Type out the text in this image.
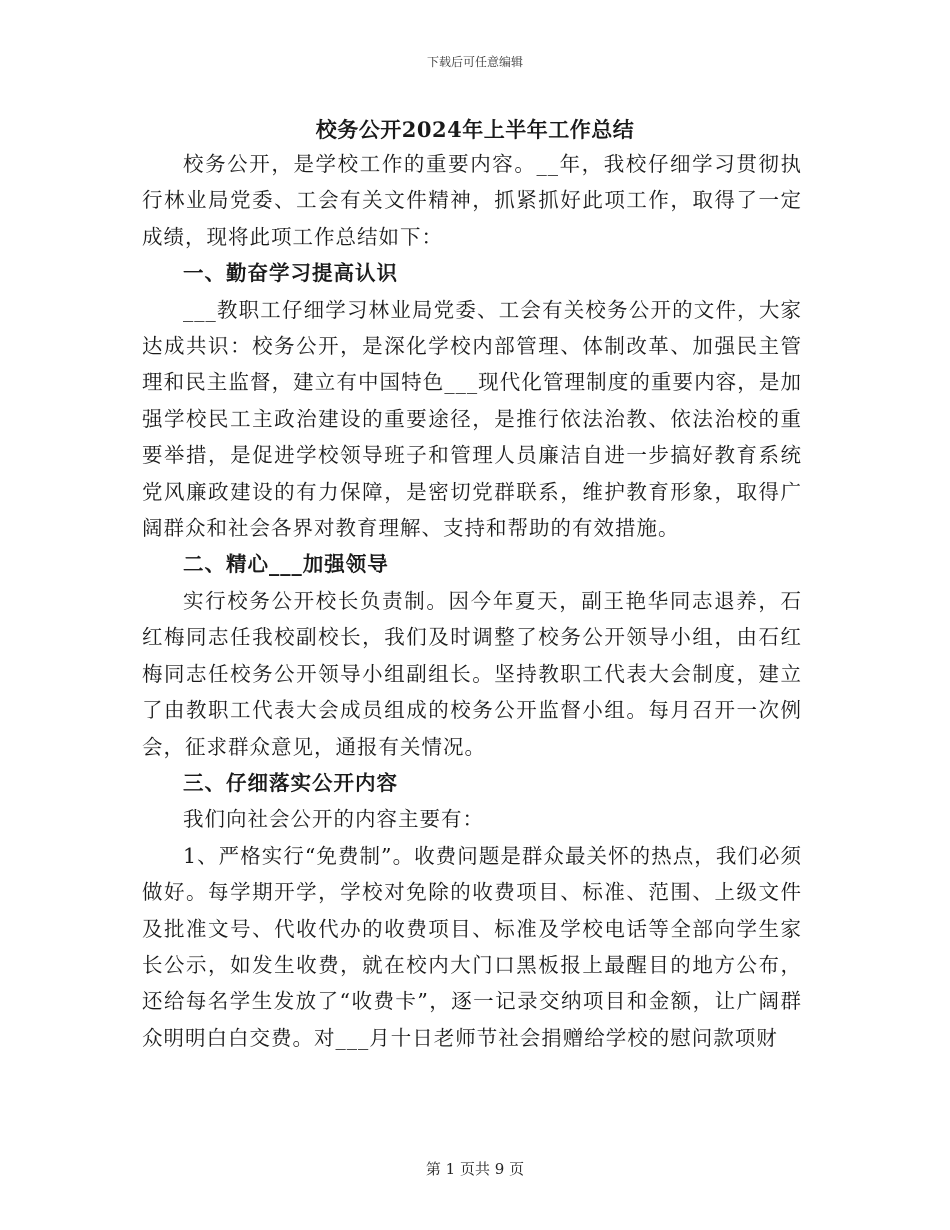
下载后可任意编辑
校务公开2024年上半年工作总结

校务公开，是学校工作的重要内容。__年，我校仔细学习贯彻执行林业局党委、工会有关文件精神，抓紧抓好此项工作，取得了一定成绩，现将此项工作总结如下：

一、勤奋学习提高认识

___教职工仔细学习林业局党委、工会有关校务公开的文件，大家达成共识：校务公开，是深化学校内部管理、体制改革、加强民主管理和民主监督，建立有中国特色___现代化管理制度的重要内容，是加强学校民工主政治建设的重要途径，是推行依法治教、依法治校的重要举措，是促进学校领导班子和管理人员廉洁自进一步搞好教育系统党风廉政建设的有力保障，是密切党群联系，维护教育形象，取得广阔群众和社会各界对教育理解、支持和帮助的有效措施。

二、精心___加强领导

实行校务公开校长负责制。因今年夏天，副王艳华同志退养，石红梅同志任我校副校长，我们及时调整了校务公开领导小组，由石红梅同志任校务公开领导小组副组长。坚持教职工代表大会制度，建立了由教职工代表大会成员组成的校务公开监督小组。每月召开一次例会，征求群众意见，通报有关情况。

三、仔细落实公开内容

我们向社会公开的内容主要有：

1、严格实行“免费制”。收费问题是群众最关怀的热点，我们必须做好。每学期开学，学校对免除的收费项目、标准、范围、上级文件及批准文号、代收代办的收费项目、标准及学校电话等全部向学生家长公示，如发生收费，就在校内大门口黑板报上最醒目的地方公布，还给每名学生发放了“收费卡”，逐一记录交纳项目和金额，让广阔群众明明白白交费。对___月十日老师节社会捐赠给学校的慰问款项财

第 1 页共 9 页
